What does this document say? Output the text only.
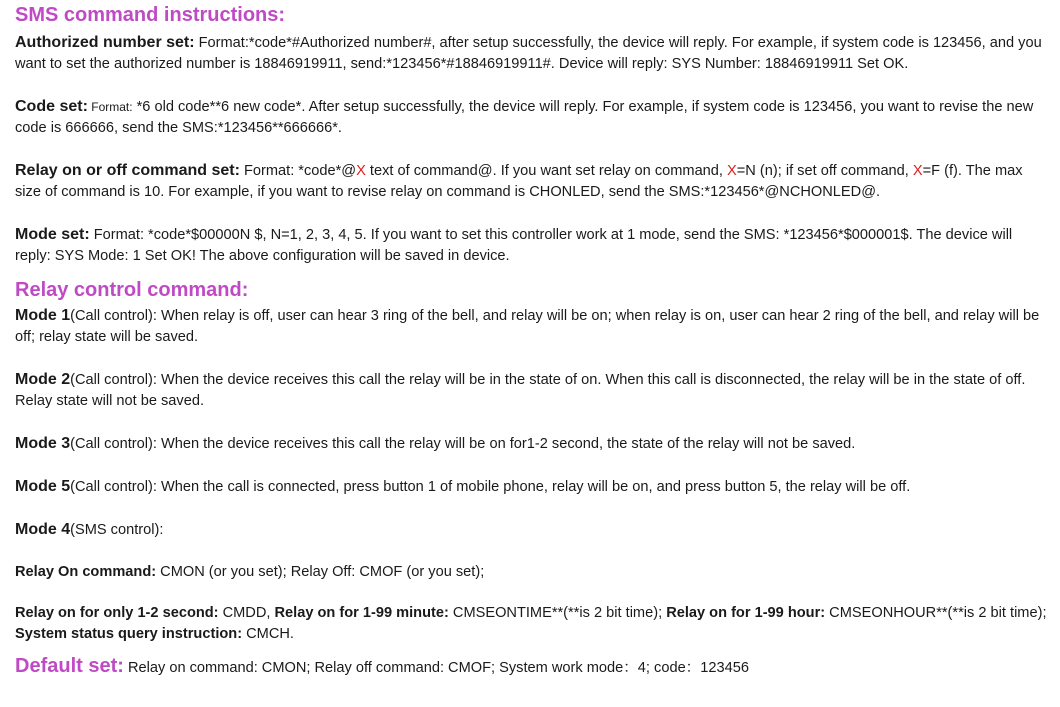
SMS command instructions:

Authorized number set: Format:*code*#Authorized number#, after setup successfully, the device will reply. For example, if system code is 123456, and you want to set the authorized number is 18846919911, send:*123456*#18846919911#. Device will reply: SYS Number: 18846919911 Set OK.

Code set: Format: *6 old code**6 new code*. After setup successfully, the device will reply. For example, if system code is 123456, you want to revise the new code is 666666, send the SMS:*123456**666666*.

Relay on or off command set: Format: *code*@X text of command@. If you want set relay on command, X=N (n); if set off command, X=F (f). The max size of command is 10. For example, if you want to revise relay on command is CHONLED, send the SMS:*123456*@NCHONLED@.

Mode set: Format: *code*$00000N $, N=1, 2, 3, 4, 5. If you want to set this controller work at 1 mode, send the SMS: *123456*$000001$. The device will reply: SYS Mode: 1 Set OK! The above configuration will be saved in device.

Relay control command:

Mode 1(Call control): When relay is off, user can hear 3 ring of the bell, and relay will be on; when relay is on, user can hear 2 ring of the bell, and relay will be off; relay state will be saved.

Mode 2(Call control): When the device receives this call the relay will be in the state of on. When this call is disconnected, the relay will be in the state of off. Relay state will not be saved.

Mode 3(Call control): When the device receives this call the relay will be on for1-2 second, the state of the relay will not be saved.

Mode 5(Call control): When the call is connected, press button 1 of mobile phone, relay will be on, and press button 5, the relay will be off.

Mode 4(SMS control):

Relay On command: CMON (or you set); Relay Off: CMOF (or you set);

Relay on for only 1-2 second: CMDD, Relay on for 1-99 minute: CMSEONTIME**(**is 2 bit time); Relay on for 1-99 hour: CMSEONHOUR**(**is 2 bit time); System status query instruction: CMCH.

Default set:

Relay on command: CMON; Relay off command: CMOF; System work mode：4; code：123456
